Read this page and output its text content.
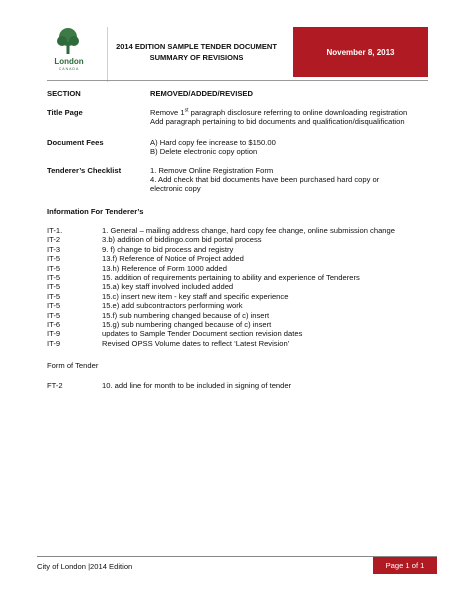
London
CANADA
2014 EDITION SAMPLE TENDER DOCUMENT
SUMMARY OF REVISIONS
November 8, 2013
SECTION	REMOVED/ADDED/REVISED
Title Page	Remove 1st paragraph disclosure referring to online downloading registration
Add paragraph pertaining to bid documents and qualification/disqualification
Document Fees	A) Hard copy fee increase to $150.00
B) Delete electronic copy option
Tenderer’s Checklist	1. Remove Online Registration Form
4. Add check that bid documents have been purchased hard copy or
electronic copy
Information For Tenderer’s
IT-1.	1. General – mailing address change, hard copy fee change, online submission change
IT-2	3.b) addition of biddingo.com bid portal process
IT-3	9. f) change to bid process and registry
IT-5	13.f) Reference of Notice of Project added
IT-5	13.h) Reference of Form 1000 added
IT-5	15. addition of requirements pertaining to ability and experience of Tenderers
IT-5	15.a) key staff involved included added
IT-5	15.c) insert new item - key staff and specific experience
IT-5	15.e) add subcontractors performing work
IT-5	15.f) sub numbering changed because of c) insert
IT-6	15.g) sub numbering changed because of c) insert
IT-9	updates to Sample Tender Document section revision dates
IT-9	Revised OPSS Volume dates to reflect ‘Latest Revision’
Form of Tender
FT-2	10. add line for month to be included in signing of tender
City of London |2014 Edition	Page 1 of 1
